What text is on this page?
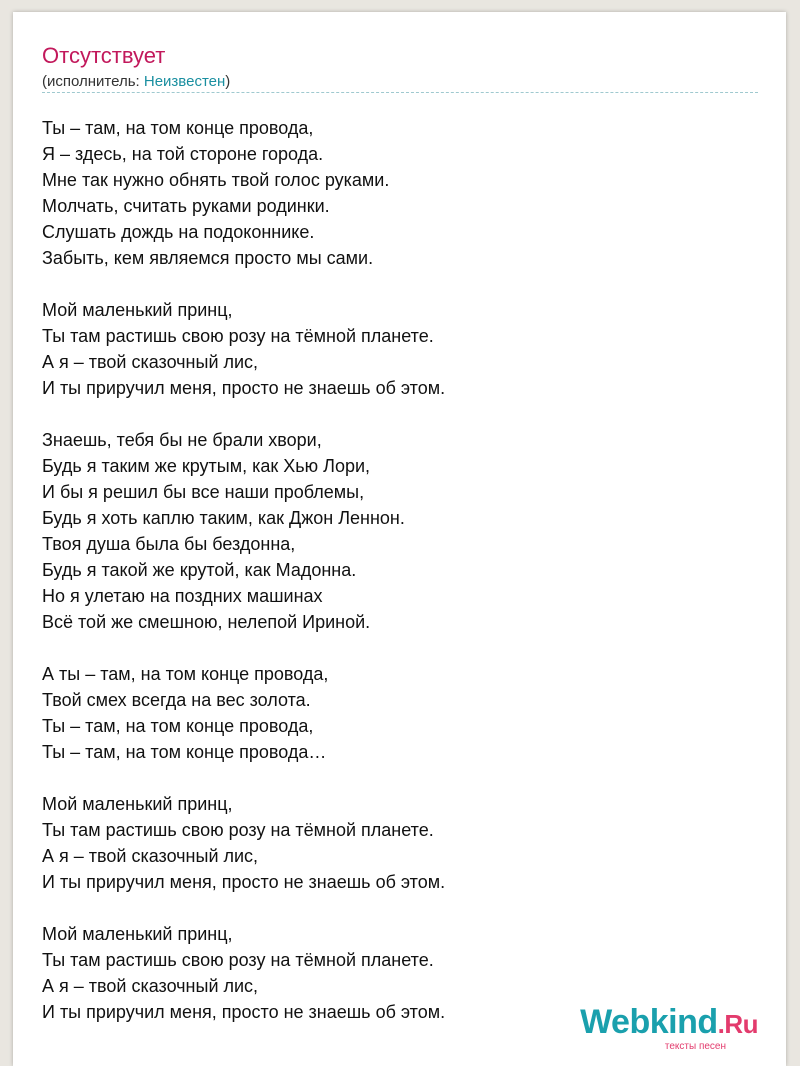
Отсутствует
(исполнитель: Неизвестен)
Ты – там, на том конце провода,
Я – здесь, на той стороне города.
Мне так нужно обнять твой голос руками.
Молчать, считать руками родинки.
Слушать дождь на подоконнике.
Забыть, кем являемся просто мы сами.
Мой маленький принц,
Ты там растишь свою розу на тёмной планете.
А я – твой сказочный лис,
И ты приручил меня, просто не знаешь об этом.
Знаешь, тебя бы не брали хвори,
Будь я таким же крутым, как Хью Лори,
И бы я решил бы все наши проблемы,
Будь я хоть каплю таким, как Джон Леннон.
Твоя душа была бы бездонна,
Будь я такой же крутой, как Мадонна.
Но я улетаю на поздних машинах
Всё той же смешною, нелепой Ириной.
А ты – там, на том конце провода,
Твой смех всегда на вес золота.
Ты – там, на том конце провода,
Ты – там, на том конце провода…
Мой маленький принц,
Ты там растишь свою розу на тёмной планете.
А я – твой сказочный лис,
И ты приручил меня, просто не знаешь об этом.
Мой маленький принц,
Ты там растишь свою розу на тёмной планете.
А я – твой сказочный лис,
И ты приручил меня, просто не знаешь об этом.	Webkind.Ru
тексты песен
